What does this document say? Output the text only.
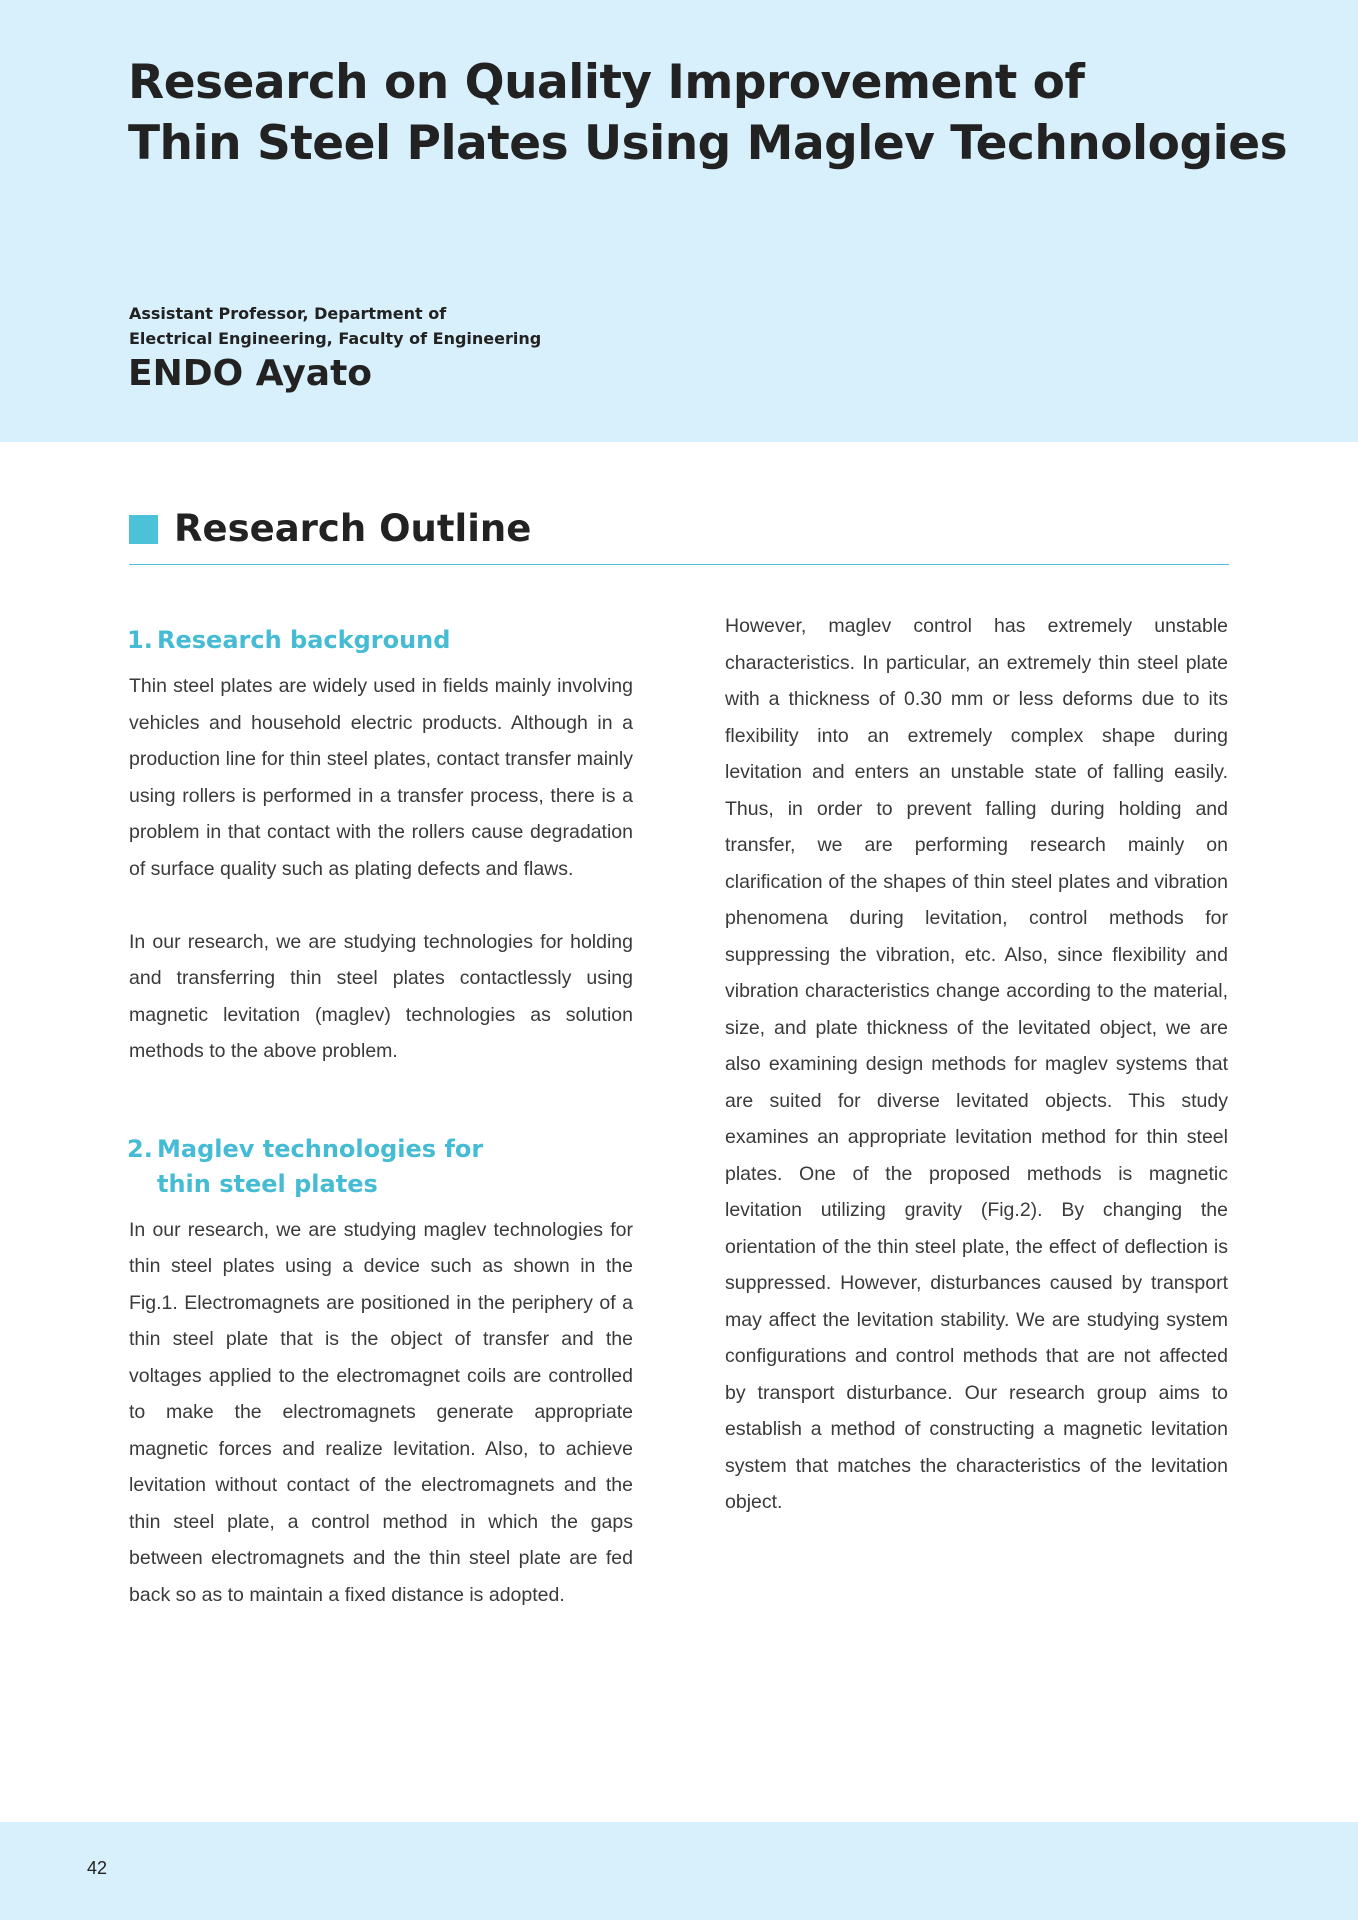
Research on Quality Improvement of
Thin Steel Plates Using Maglev Technologies
Assistant Professor, Department of
Electrical Engineering, Faculty of Engineering
ENDO Ayato
Research Outline
1. Research background

Thin steel plates are widely used in fields mainly involving vehicles and household electric products. Although in a production line for thin steel plates, contact transfer mainly using rollers is performed in a transfer process, there is a problem in that contact with the rollers cause degradation of surface quality such as plating defects and flaws.

In our research, we are studying technologies for holding and transferring thin steel plates contactlessly using magnetic levitation (maglev) technologies as solution methods to the above problem.

2. Maglev technologies for
thin steel plates

In our research, we are studying maglev technologies for thin steel plates using a device such as shown in the Fig.1. Electromagnets are positioned in the periphery of a thin steel plate that is the object of transfer and the voltages applied to the electromagnet coils are controlled to make the electromagnets generate appropriate magnetic forces and realize levitation. Also, to achieve levitation without contact of the electromagnets and the thin steel plate, a control method in which the gaps between electromagnets and the thin steel plate are fed back so as to maintain a fixed distance is adopted.

However, maglev control has extremely unstable characteristics. In particular, an extremely thin steel plate with a thickness of 0.30 mm or less deforms due to its flexibility into an extremely complex shape during levitation and enters an unstable state of falling easily. Thus, in order to prevent falling during holding and transfer, we are performing research mainly on clarification of the shapes of thin steel plates and vibration phenomena during levitation, control methods for suppressing the vibration, etc. Also, since flexibility and vibration characteristics change according to the material, size, and plate thickness of the levitated object, we are also examining design methods for maglev systems that are suited for diverse levitated objects. This study examines an appropriate levitation method for thin steel plates. One of the proposed methods is magnetic levitation utilizing gravity (Fig.2). By changing the orientation of the thin steel plate, the effect of deflection is suppressed. However, disturbances caused by transport may affect the levitation stability. We are studying system configurations and control methods that are not affected by transport disturbance. Our research group aims to establish a method of constructing a magnetic levitation system that matches the characteristics of the levitation object.

42
